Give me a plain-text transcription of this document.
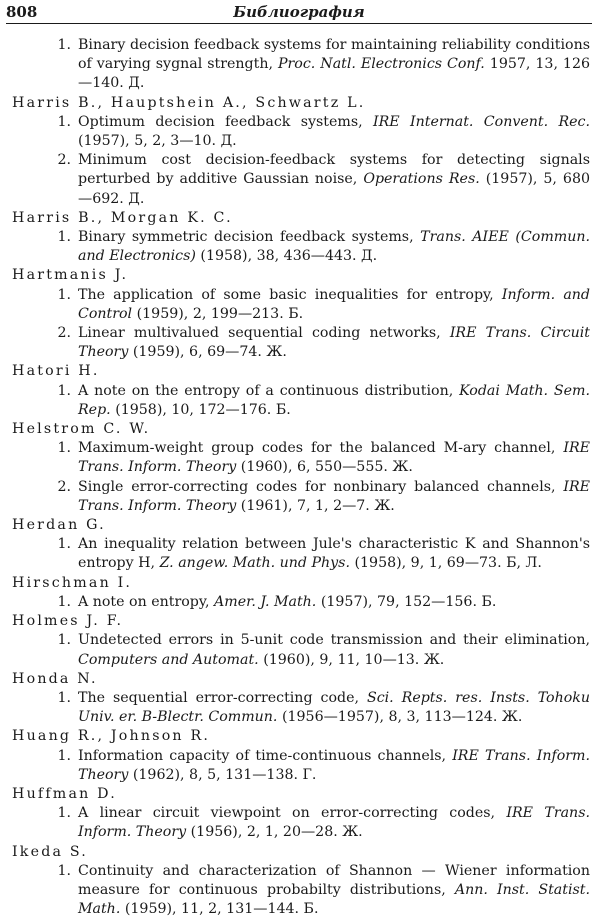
808	Библиография
1. Binary decision feedback systems for maintaining reliability conditions of varying sygnal strength, Proc. Natl. Electronics Conf. 1957, 13, 126—140. Д.
Harris B., Hauptshein A., Schwartz L.
1. Optimum decision feedback systems, IRE Internat. Convent. Rec. (1957), 5, 2, 3—10. Д.
2. Minimum cost decision-feedback systems for detecting signals perturbed by additive Gaussian noise, Operations Res. (1957), 5, 680—692. Д.
Harris B., Morgan K. C.
1. Binary symmetric decision feedback systems, Trans. AIEE (Commun. and Electronics) (1958), 38, 436—443. Д.
Hartmanis J.
1. The application of some basic inequalities for entropy, Inform. and Control (1959), 2, 199—213. Б.
2. Linear multivalued sequential coding networks, IRE Trans. Circuit Theory (1959), 6, 69—74. Ж.
Hatori H.
1. A note on the entropy of a continuous distribution, Kodai Math. Sem. Rep. (1958), 10, 172—176. Б.
Helstrom C. W.
1. Maximum-weight group codes for the balanced M-ary channel, IRE Trans. Inform. Theory (1960), 6, 550—555. Ж.
2. Single error-correcting codes for nonbinary balanced channels, IRE Trans. Inform. Theory (1961), 7, 1, 2—7. Ж.
Herdan G.
1. An inequality relation between Jule's characteristic K and Shannon's entropy H, Z. angew. Math. und Phys. (1958), 9, 1, 69—73. Б, Л.
Hirschman I.
1. A note on entropy, Amer. J. Math. (1957), 79, 152—156. Б.
Holmes J. F.
1. Undetected errors in 5-unit code transmission and their elimination, Computers and Automat. (1960), 9, 11, 10—13. Ж.
Honda N.
1. The sequential error-correcting code, Sci. Repts. res. Insts. Tohoku Univ. er. B-Blectr. Commun. (1956—1957), 8, 3, 113—124. Ж.
Huang R., Johnson R.
1. Information capacity of time-continuous channels, IRE Trans. Inform. Theory (1962), 8, 5, 131—138. Г.
Huffman D.
1. A linear circuit viewpoint on error-correcting codes, IRE Trans. Inform. Theory (1956), 2, 1, 20—28. Ж.
Ikeda S.
1. Continuity and characterization of Shannon — Wiener information measure for continuous probabilty distributions, Ann. Inst. Statist. Math. (1959), 11, 2, 131—144. Б.
